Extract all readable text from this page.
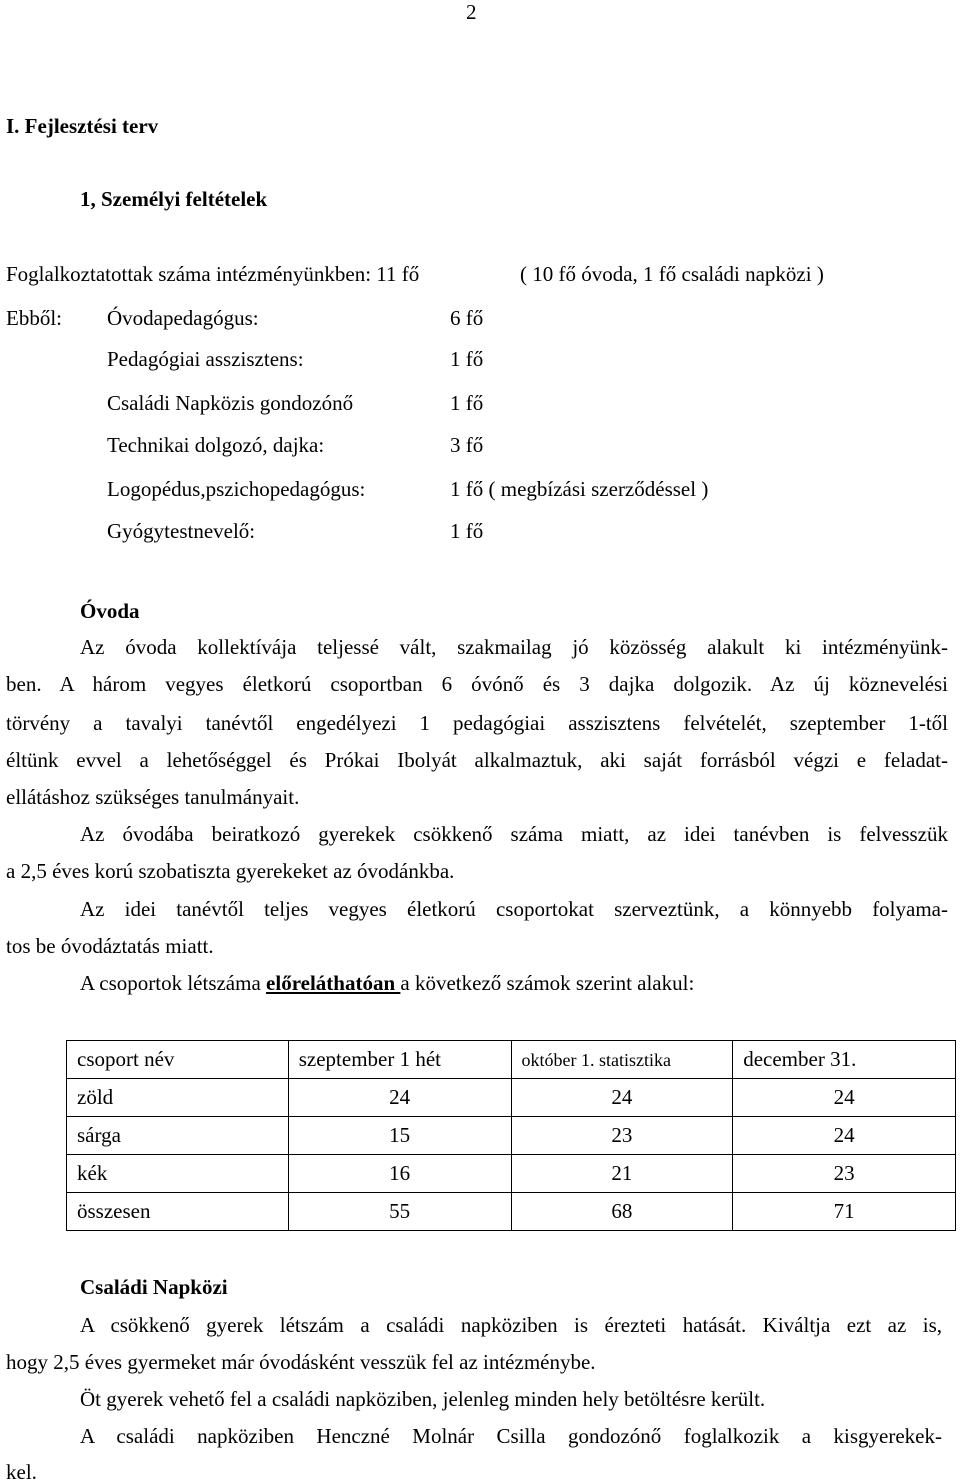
2
I. Fejlesztési terv
1, Személyi feltételek
Foglalkoztatottak száma intézményünkben: 11 fő	( 10 fő óvoda, 1 fő családi napközi )
Ebből: Óvodapedagógus:	6 fő
Pedagógiai asszisztens:	1 fő
Családi Napközis gondozónő	1 fő
Technikai dolgozó, dajka:	3 fő
Logopédus,pszichopedagógus:	1 fő ( megbízási szerződéssel )
Gyógytestnevelő:	1 fő
Óvoda
Az óvoda kollektívája teljessé vált, szakmailag jó közösség alakult ki intézményünk-
ben. A három vegyes életkorú csoportban 6 óvónő és 3 dajka dolgozik. Az új köznevelési
törvény a tavalyi tanévtől engedélyezi 1 pedagógiai asszisztens felvételét, szeptember 1-től
éltünk evvel a lehetőséggel és Prókai Ibolyát alkalmaztuk, aki saját forrásból végzi e feladat-
ellátáshoz szükséges tanulmányait.
Az óvodába beiratkozó gyerekek csökkenő száma miatt, az idei tanévben is felvesszük
a 2,5 éves korú szobatiszta gyerekeket az óvodánkba.
Az idei tanévtől teljes vegyes életkorú csoportokat szerveztünk, a könnyebb folyama-
tos be óvodáztatás miatt.
A csoportok létszáma előreláthatóan a következő számok szerint alakul:
csoport név	szeptember 1 hét	október 1. statisztika	december 31.
zöld	24	24	24
sárga	15	23	24
kék	16	21	23
összesen	55	68	71
Családi Napközi
A csökkenő gyerek létszám a családi napköziben is érezteti hatását. Kiváltja ezt az is,
hogy 2,5 éves gyermeket már óvodásként vesszük fel az intézménybe.
Öt gyerek vehető fel a családi napköziben, jelenleg minden hely betöltésre került.
A családi napköziben Henczné Molnár Csilla gondozónő foglalkozik a kisgyerekek-
kel.
